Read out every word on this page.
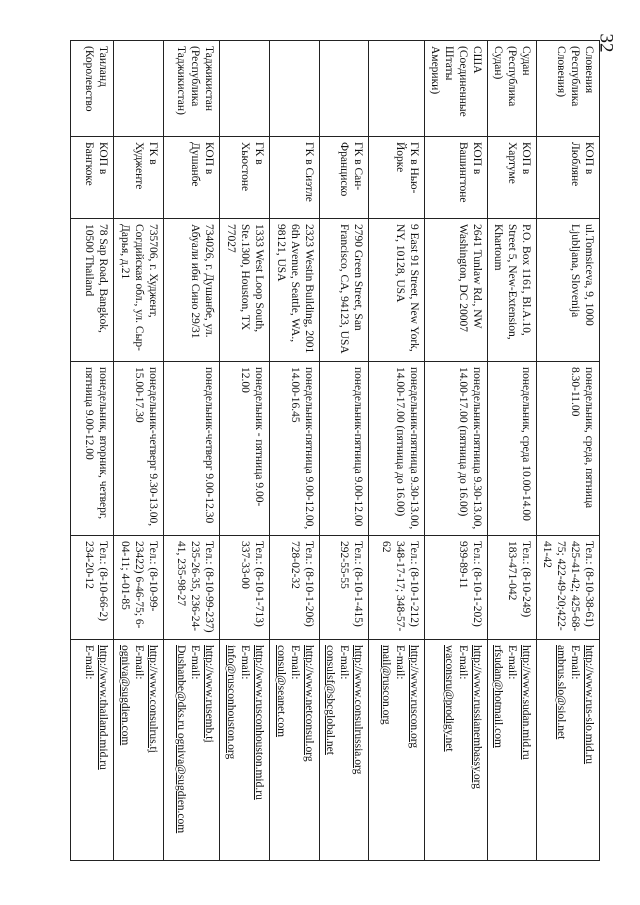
32
Словения (Республика Словения)	КОП в Любляне	ul.Tomsiceva, 9, 1000 Ljubljana, Slovenija	понедельник, среда, пятница 8.30-11.00	Тел.: (8-10-38-61) 425-41-42; 425-68-75; 422-49-20;422-41-42	http://www.rus-slo.mid.ru
E-mail:
ambrus.slo@siol.net

Судан (Республика Судан)	КОП в Хартуме	P.O. Box 1161, Bl.A.10, Street 5, New-Extension, Khartoum	понедельник, среда 10.00-14.00	Тел.: (8-10-249) 183-471-042	http://www.sudan.mid.ru
E-mail:
rfsudan@hotmail.com

США (Соединенные Штаты Америки)	КОП в Вашингтоне	2641 Tunlaw Rd., NW Washington, DC 20007	понедельник-пятница 9.30-13.00, 14.00-17.00 (пятница до 16.00)	Тел.: (8-10-1-202) 939-89-11	http://www.russianembassy.org
E-mail:
waconsru@prodigy.net

	ГК в Нью-Йорке	9 East 91 Street, New York, NY, 10128, USA	понедельник-пятница 9.30-13.00, 14.00-17.00 (пятница до 16.00)	Тел.: (8-10-1-212) 348-17-17; 348-57-62	http://www.ruscon.org
E-mail:
mail@ruscon.org

	ГК в Сан-Франциско	2790 Green Street, San Francisco, CA, 94123, USA	понедельник-пятница 9.00-12.00	Тел.: (8-10-1-415) 292-55-55	http://www.consulrussia.org
E-mail:
consulsf@sbcglobal.net

	ГК в Сиэтле	2323 Westin Building, 2001 6th Avenue, Seattle, WA., 98121, USA	понедельник-пятница 9.00-12.00, 14.00-16.45	Тел.: (8-10-1-206) 728-02-32	http://www.netconsul.org
E-mail:
consul@seanet.com

	ГК в Хьюстоне	1333 West Loop South, Ste.1300, Houston, TX 77027	понедельник - пятница 9.00-12.00	Тел.: (8-10-1-713) 337-33-00	http://www.rusconhouston.mid.ru
E-mail:
info@rusconhouston.org

Таджикистан (Республика Таджикистан)	КОП в Душанбе	734026, г. Душанбе, ул. Абуали ибн Сино 29/31	понедельник-четверг 9.00-12.30	Тел.: (8-10-99-237) 235-26-35, 236-24-41, 235-98-27	http://www.rusemb.tj
E-mail:
Dushanbe@dks.ru ogniva@sugdien.com

	ГК в Худженте	735706, г. Худжент, Согдийская обл., ул. Сыр-Дарья, д.21	понедельник-четверг 9.30-13.00, 15.00-17.30	Тел.: (8-10-99-23422) 6-46-75; 6-04-11; 4-01-85	http://www.consulrus.tj
E-mail:
ogniva@sugdien.com

Таиланд (Королевство	КОП в Бангкоке	78 Sap Road, Bangkok, 10500 Thailand	понедельник, вторник, четверг, пятница 9.00-12.00	Тел.: (8-10-66-2) 234-20-12	http://www.thailand.mid.ru
E-mail:
